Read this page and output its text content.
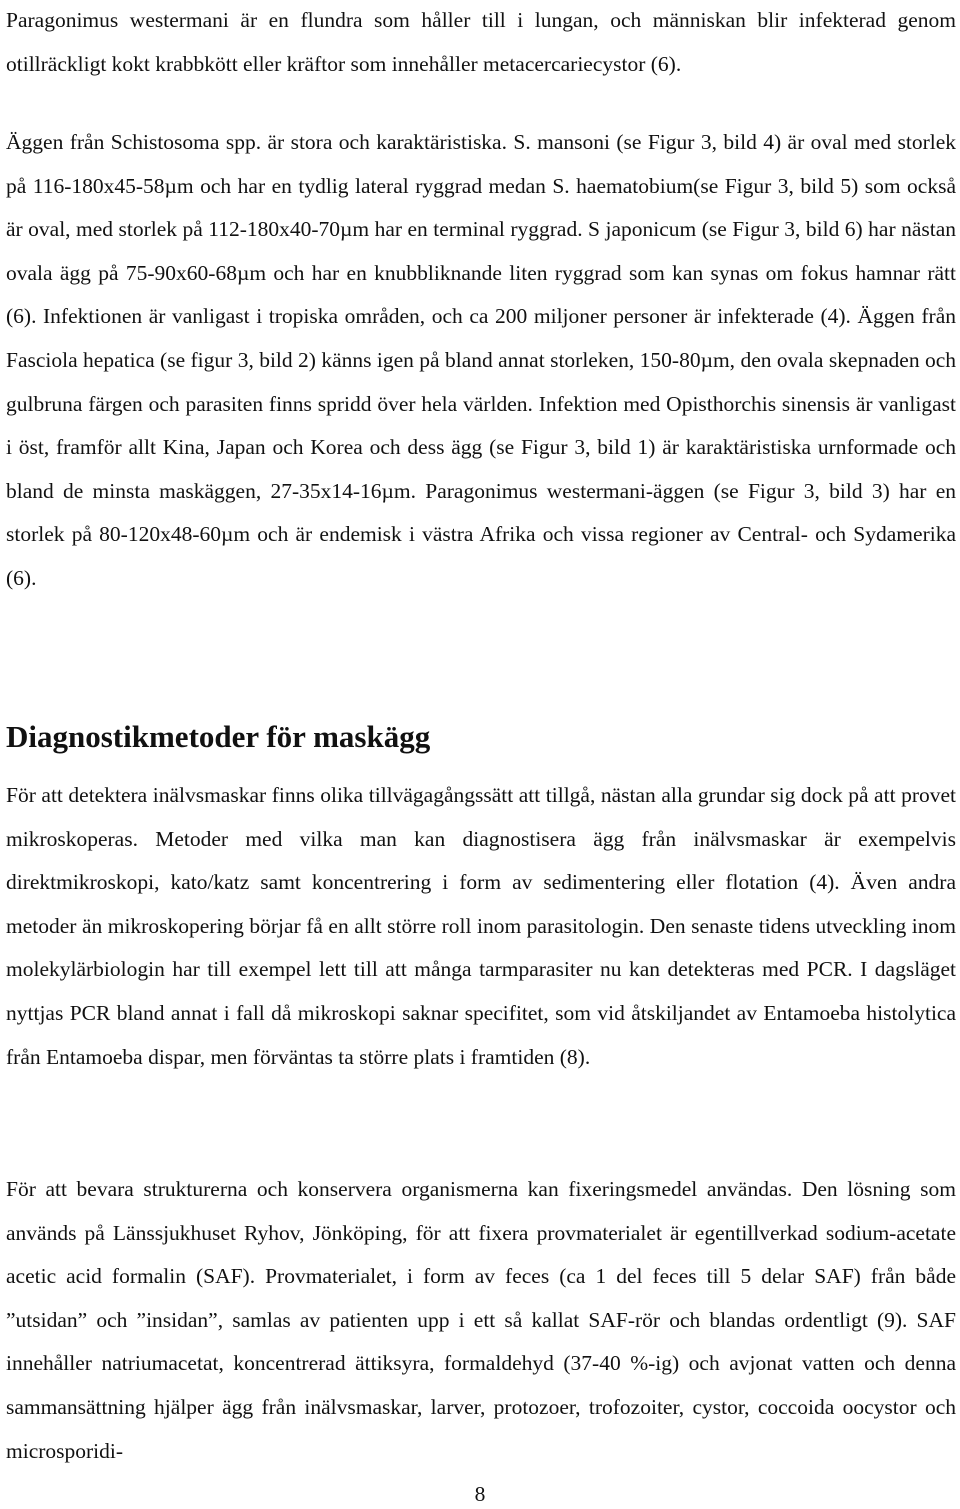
Paragonimus westermani är en flundra som håller till i lungan, och människan blir infekterad genom otillräckligt kokt krabbkött eller kräftor som innehåller metacercariecystor (6).

Äggen från Schistosoma spp. är stora och karaktäristiska. S. mansoni (se Figur 3, bild 4) är oval med storlek på 116-180x45-58µm och har en tydlig lateral ryggrad medan S. haematobium(se Figur 3, bild 5) som också är oval, med storlek på 112-180x40-70µm har en terminal ryggrad. S japonicum (se Figur 3, bild 6) har nästan ovala ägg på 75-90x60-68µm och har en knubbliknande liten ryggrad som kan synas om fokus hamnar rätt (6). Infektionen är vanligast i tropiska områden, och ca 200 miljoner personer är infekterade (4). Äggen från Fasciola hepatica (se figur 3, bild 2) känns igen på bland annat storleken, 150-80µm, den ovala skepnaden och gulbruna färgen och parasiten finns spridd över hela världen. Infektion med Opisthorchis sinensis är vanligast i öst, framför allt Kina, Japan och Korea och dess ägg (se Figur 3, bild 1) är karaktäristiska urnformade och bland de minsta maskäggen, 27-35x14-16µm. Paragonimus westermani-äggen (se Figur 3, bild 3) har en storlek på 80-120x48-60µm och är endemisk i västra Afrika och vissa regioner av Central- och Sydamerika (6).

Diagnostikmetoder för maskägg

För att detektera inälvsmaskar finns olika tillvägagångssätt att tillgå, nästan alla grundar sig dock på att provet mikroskoperas. Metoder med vilka man kan diagnostisera ägg från inälvsmaskar är exempelvis direktmikroskopi, kato/katz samt koncentrering i form av sedimentering eller flotation (4). Även andra metoder än mikroskopering börjar få en allt större roll inom parasitologin. Den senaste tidens utveckling inom molekylärbiologin har till exempel lett till att många tarmparasiter nu kan detekteras med PCR. I dagsläget nyttjas PCR bland annat i fall då mikroskopi saknar specifitet, som vid åtskiljandet av Entamoeba histolytica från Entamoeba dispar, men förväntas ta större plats i framtiden (8).

För att bevara strukturerna och konservera organismerna kan fixeringsmedel användas. Den lösning som används på Länssjukhuset Ryhov, Jönköping, för att fixera provmaterialet är egentillverkad sodium-acetate acetic acid formalin (SAF). Provmaterialet, i form av feces (ca 1 del feces till 5 delar SAF) från både ”utsidan” och ”insidan”, samlas av patienten upp i ett så kallat SAF-rör och blandas ordentligt (9). SAF innehåller natriumacetat, koncentrerad ättiksyra, formaldehyd (37-40 %-ig) och avjonat vatten och denna sammansättning hjälper ägg från inälvsmaskar, larver, protozoer, trofozoiter, cystor, coccoida oocystor och microsporidi-

8
